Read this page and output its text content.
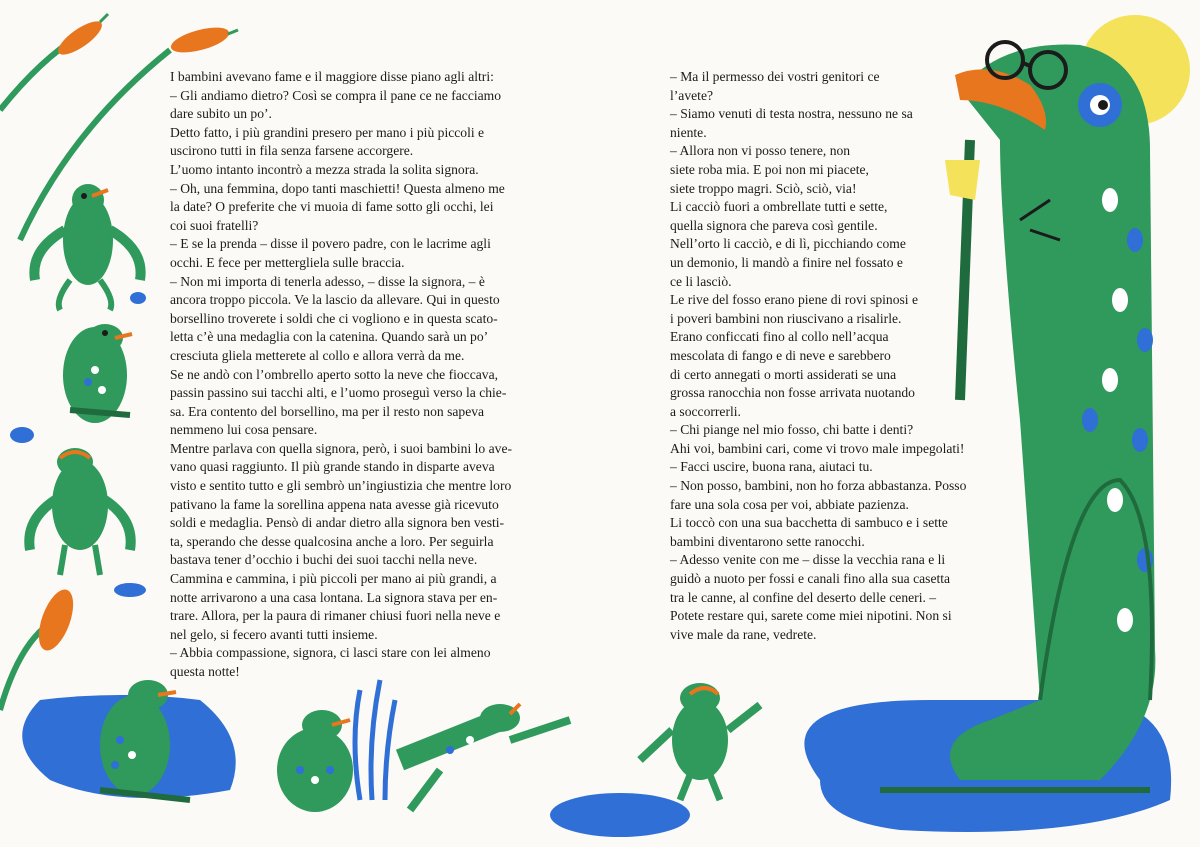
I bambini avevano fame e il maggiore disse piano agli altri:
– Gli andiamo dietro? Così se compra il pane ce ne facciamo
dare subito un po’.
Detto fatto, i più grandini presero per mano i più piccoli e
uscirono tutti in fila senza farsene accorgere.
L’uomo intanto incontrò a mezza strada la solita signora.
– Oh, una femmina, dopo tanti maschietti! Questa almeno me
la date? O preferite che vi muoia di fame sotto gli occhi, lei
coi suoi fratelli?
– E se la prenda – disse il povero padre, con le lacrime agli
occhi. E fece per mettergliela sulle braccia.
– Non mi importa di tenerla adesso, – disse la signora, – è
ancora troppo piccola. Ve la lascio da allevare. Qui in questo
borsellino troverete i soldi che ci vogliono e in questa scato-
letta c’è una medaglia con la catenina. Quando sarà un po’
cresciuta gliela metterete al collo e allora verrà da me.
Se ne andò con l’ombrello aperto sotto la neve che fioccava,
passin passino sui tacchi alti, e l’uomo proseguì verso la chie-
sa. Era contento del borsellino, ma per il resto non sapeva
nemmeno lui cosa pensare.
Mentre parlava con quella signora, però, i suoi bambini lo ave-
vano quasi raggiunto. Il più grande stando in disparte aveva
visto e sentito tutto e gli sembrò un’ingiustizia che mentre loro
pativano la fame la sorellina appena nata avesse già ricevuto
soldi e medaglia. Pensò di andar dietro alla signora ben vesti-
ta, sperando che desse qualcosina anche a loro. Per seguirla
bastava tener d’occhio i buchi dei suoi tacchi nella neve.
Cammina e cammina, i più piccoli per mano ai più grandi, a
notte arrivarono a una casa lontana. La signora stava per en-
trare. Allora, per la paura di rimaner chiusi fuori nella neve e
nel gelo, si fecero avanti tutti insieme.
– Abbia compassione, signora, ci lasci stare con lei almeno
questa notte!
– Ma il permesso dei vostri genitori ce
l’avete?
– Siamo venuti di testa nostra, nessuno ne sa
niente.
– Allora non vi posso tenere, non
siete roba mia. E poi non mi piacete,
siete troppo magri. Sciò, sciò, via!
Li cacciò fuori a ombrellate tutti e sette,
quella signora che pareva così gentile.
Nell’orto li cacciò, e di lì, picchiando come
un demonio, li mandò a finire nel fossato e
ce li lasciò.
Le rive del fosso erano piene di rovi spinosi e
i poveri bambini non riuscivano a risalirle.
Erano conficcati fino al collo nell’acqua
mescolata di fango e di neve e sarebbero
di certo annegati o morti assiderati se una
grossa ranocchia non fosse arrivata nuotando
a soccorrerli.
– Chi piange nel mio fosso, chi batte i denti?
Ahi voi, bambini cari, come vi trovo male impegolati!
– Facci uscire, buona rana, aiutaci tu.
– Non posso, bambini, non ho forza abbastanza. Posso
fare una sola cosa per voi, abbiate pazienza.
Li toccò con una sua bacchetta di sambuco e i sette
bambini diventarono sette ranocchi.
– Adesso venite con me – disse la vecchia rana e li
guidò a nuoto per fossi e canali fino alla sua casetta
tra le canne, al confine del deserto delle ceneri. –
Potete restare qui, sarete come miei nipotini. Non si
vive male da rane, vedrete.
